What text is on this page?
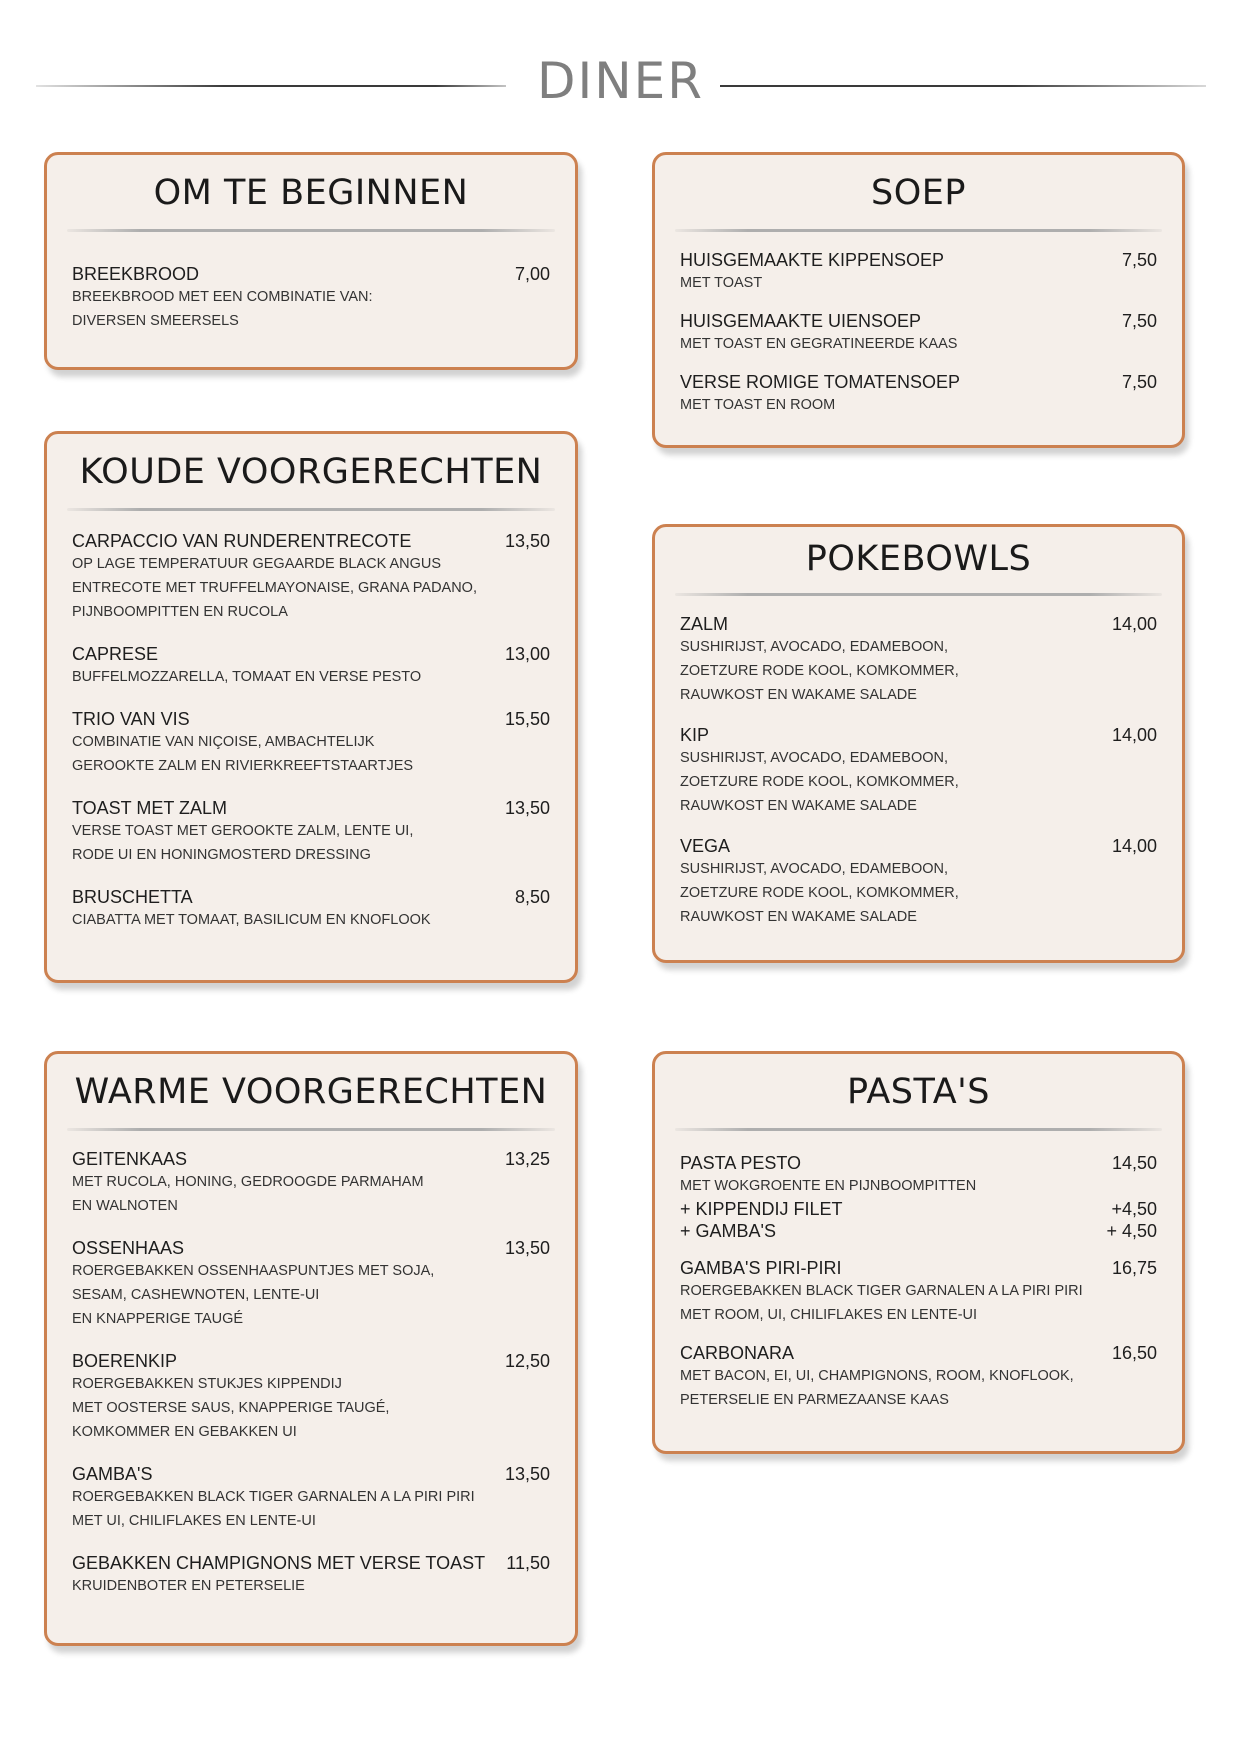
DINER
OM TE BEGINNEN
BREEKBROOD	7,00
BREEKBROOD MET EEN COMBINATIE VAN:
DIVERSEN SMEERSELS
SOEP
HUISGEMAAKTE KIPPENSOEP	7,50
MET TOAST
HUISGEMAAKTE UIENSOEP	7,50
MET TOAST EN GEGRATINEERDE KAAS
VERSE ROMIGE TOMATENSOEP	7,50
MET TOAST EN ROOM
KOUDE VOORGERECHTEN
CARPACCIO VAN RUNDERENTRECOTE	13,50
OP LAGE TEMPERATUUR GEGAARDE BLACK ANGUS
ENTRECOTE MET TRUFFELMAYONAISE, GRANA PADANO,
PIJNBOOMPITTEN EN RUCOLA
CAPRESE	13,00
BUFFELMOZZARELLA, TOMAAT EN VERSE PESTO
TRIO VAN VIS	15,50
COMBINATIE VAN NIÇOISE, AMBACHTELIJK
GEROOKTE ZALM EN RIVIERKREEFTSTAARTJES
TOAST MET ZALM	13,50
VERSE TOAST MET GEROOKTE ZALM, LENTE UI,
RODE UI EN HONINGMOSTERD DRESSING
BRUSCHETTA	8,50
CIABATTA MET TOMAAT, BASILICUM EN KNOFLOOK
POKEBOWLS
ZALM	14,00
SUSHIRIJST, AVOCADO, EDAMEBOON,
ZOETZURE RODE KOOL, KOMKOMMER,
RAUWKOST EN WAKAME SALADE
KIP	14,00
SUSHIRIJST, AVOCADO, EDAMEBOON,
ZOETZURE RODE KOOL, KOMKOMMER,
RAUWKOST EN WAKAME SALADE
VEGA	14,00
SUSHIRIJST, AVOCADO, EDAMEBOON,
ZOETZURE RODE KOOL, KOMKOMMER,
RAUWKOST EN WAKAME SALADE
WARME VOORGERECHTEN
GEITENKAAS	13,25
MET RUCOLA, HONING, GEDROOGDE PARMAHAM
EN WALNOTEN
OSSENHAAS	13,50
ROERGEBAKKEN OSSENHAASPUNTJES MET SOJA,
SESAM, CASHEWNOTEN, LENTE-UI
EN KNAPPERIGE TAUGÉ
BOERENKIP	12,50
ROERGEBAKKEN STUKJES KIPPENDIJ
MET OOSTERSE SAUS, KNAPPERIGE TAUGÉ,
KOMKOMMER EN GEBAKKEN UI
GAMBA'S	13,50
ROERGEBAKKEN BLACK TIGER GARNALEN A LA PIRI PIRI
MET UI, CHILIFLAKES EN LENTE-UI
GEBAKKEN CHAMPIGNONS MET VERSE TOAST 11,50
KRUIDENBOTER EN PETERSELIE
PASTA'S
PASTA PESTO	14,50
MET WOKGROENTE EN PIJNBOOMPITTEN
+ KIPPENDIJ FILET	+4,50
+ GAMBA'S	+ 4,50
GAMBA'S PIRI-PIRI	16,75
ROERGEBAKKEN BLACK TIGER GARNALEN A LA PIRI PIRI
MET ROOM, UI, CHILIFLAKES EN LENTE-UI
CARBONARA	16,50
MET BACON, EI, UI, CHAMPIGNONS, ROOM, KNOFLOOK,
PETERSELIE EN PARMEZAANSE KAAS
